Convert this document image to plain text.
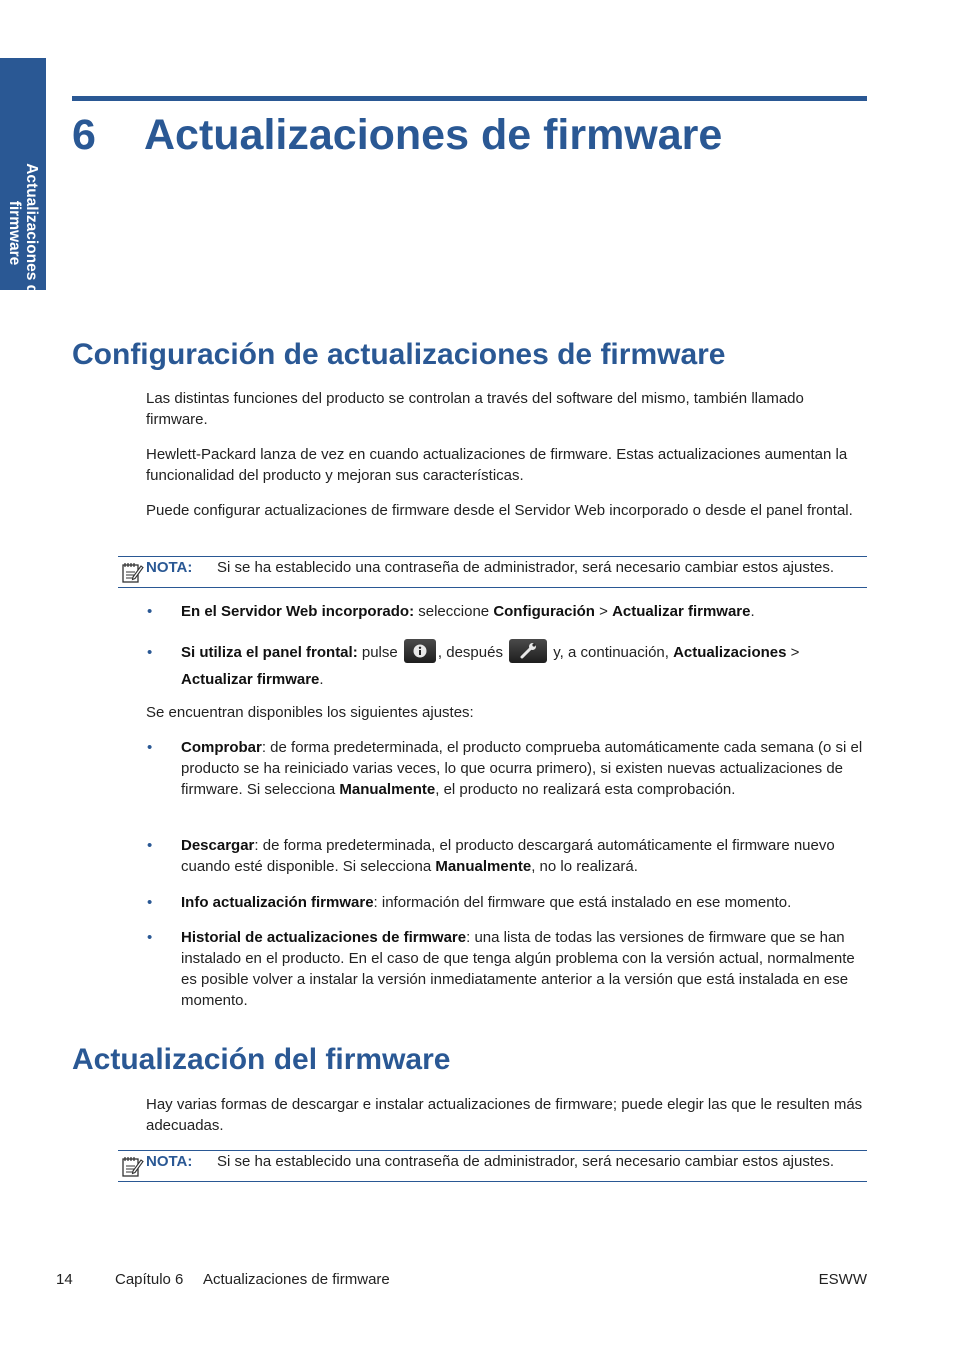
Actualizaciones de
firmware
6 Actualizaciones de firmware
Configuración de actualizaciones de firmware

Las distintas funciones del producto se controlan a través del software del mismo, también llamado firmware.

Hewlett-Packard lanza de vez en cuando actualizaciones de firmware. Estas actualizaciones aumentan la funcionalidad del producto y mejoran sus características.

Puede configurar actualizaciones de firmware desde el Servidor Web incorporado o desde el panel frontal.

NOTA: Si se ha establecido una contraseña de administrador, será necesario cambiar estos ajustes.

• En el Servidor Web incorporado: seleccione Configuración > Actualizar firmware.

• Si utiliza el panel frontal: pulse , después	y, a continuación, Actualizaciones > Actualizar firmware.

Se encuentran disponibles los siguientes ajustes:

• Comprobar: de forma predeterminada, el producto comprueba automáticamente cada semana (o si el producto se ha reiniciado varias veces, lo que ocurra primero), si existen nuevas actualizaciones de firmware. Si selecciona Manualmente, el producto no realizará esta comprobación.

• Descargar: de forma predeterminada, el producto descargará automáticamente el firmware nuevo cuando esté disponible. Si selecciona Manualmente, no lo realizará.

• Info actualización firmware: información del firmware que está instalado en ese momento.

• Historial de actualizaciones de firmware: una lista de todas las versiones de firmware que se han instalado en el producto. En el caso de que tenga algún problema con la versión actual, normalmente es posible volver a instalar la versión inmediatamente anterior a la versión que está instalada en ese momento.

Actualización del firmware

Hay varias formas de descargar e instalar actualizaciones de firmware; puede elegir las que le resulten más adecuadas.

NOTA: Si se ha establecido una contraseña de administrador, será necesario cambiar estos ajustes.
14	Capítulo 6 Actualizaciones de firmware	ESWW
